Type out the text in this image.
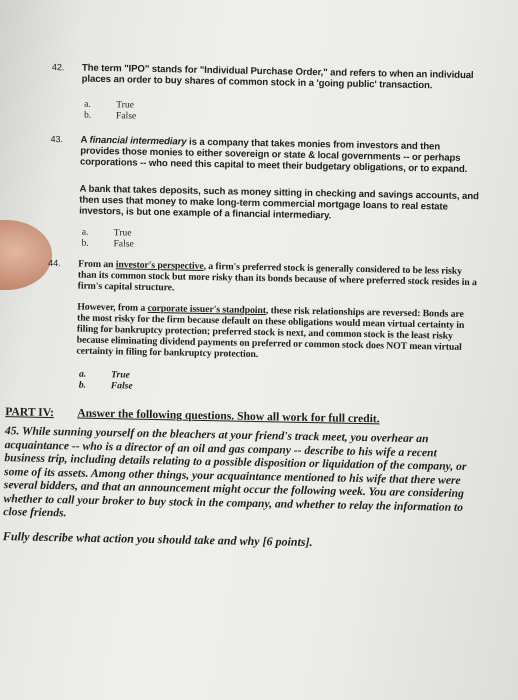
42. The term "IPO" stands for "Individual Purchase Order," and refers to when an individual places an order to buy shares of common stock in a 'going public' transaction.
a.	True
b.	False
43. A financial intermediary is a company that takes monies from investors and then provides those monies to either sovereign or state & local governments -- or perhaps corporations -- who need this capital to meet their budgetary obligations, or to expand.
A bank that takes deposits, such as money sitting in checking and savings accounts, and then uses that money to make long-term commercial mortgage loans to real estate investors, is but one example of a financial intermediary.
a.	True
b.	False
44. From an investor's perspective, a firm's preferred stock is generally considered to be less risky than its common stock but more risky than its bonds because of where preferred stock resides in a firm's capital structure.
However, from a corporate issuer's standpoint, these risk relationships are reversed: Bonds are the most risky for the firm because default on these obligations would mean virtual certainty in filing for bankruptcy protection; preferred stock is next, and common stock is the least risky because eliminating dividend payments on preferred or common stock does NOT mean virtual certainty in filing for bankruptcy protection.
a.	True
b.	False
PART IV:	Answer the following questions. Show all work for full credit.
45. While sunning yourself on the bleachers at your friend's track meet, you overhear an acquaintance -- who is a director of an oil and gas company -- describe to his wife a recent business trip, including details relating to a possible disposition or liquidation of the company, or some of its assets. Among other things, your acquaintance mentioned to his wife that there were several bidders, and that an announcement might occur the following week. You are considering whether to call your broker to buy stock in the company, and whether to relay the information to close friends.
Fully describe what action you should take and why [6 points].
